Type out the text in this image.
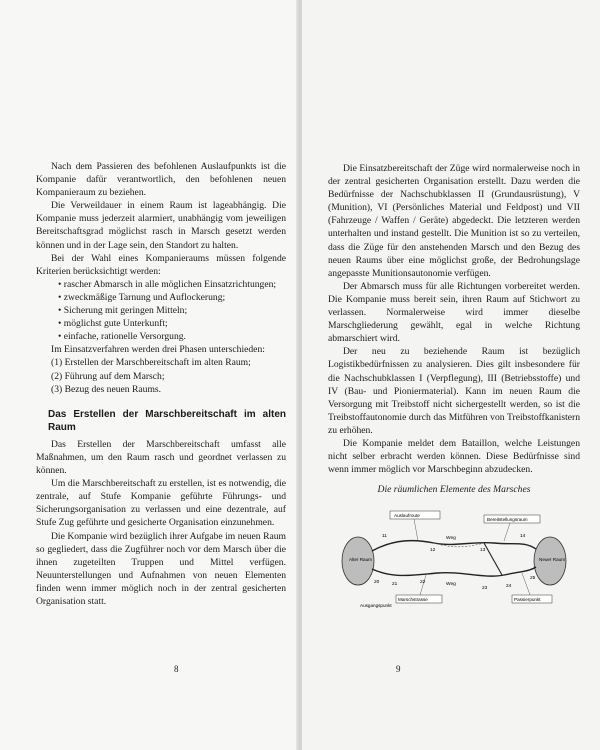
Nach dem Passieren des befohlenen Auslaufpunkts ist die Kompanie dafür verantwortlich, den befohlenen neuen Kompanieraum zu beziehen.

Die Verweildauer in einem Raum ist lageabhängig. Die Kompanie muss jederzeit alarmiert, unabhängig vom jeweiligen Bereitschaftsgrad möglichst rasch in Marsch gesetzt werden können und in der Lage sein, den Standort zu halten.

Bei der Wahl eines Kompanieraums müssen folgende Kriterien berücksichtigt werden:

• rascher Abmarsch in alle möglichen Einsatzrichtungen;

• zweckmäßige Tarnung und Auflockerung;

• Sicherung mit geringen Mitteln;

• möglichst gute Unterkunft;

• einfache, rationelle Versorgung.

Im Einsatzverfahren werden drei Phasen unterschieden:

(1) Erstellen der Marschbereitschaft im alten Raum;

(2) Führung auf dem Marsch;

(3) Bezug des neuen Raums.

Das Erstellen der Marschbereitschaft im alten Raum

Das Erstellen der Marschbereitschaft umfasst alle Maßnahmen, um den Raum rasch und geordnet verlassen zu können.

Um die Marschbereitschaft zu erstellen, ist es notwendig, die zentrale, auf Stufe Kompanie geführte Führungs- und Sicherungsorganisation zu verlassen und eine dezentrale, auf Stufe Zug geführte und gesicherte Organisation einzunehmen.

Die Kompanie wird bezüglich ihrer Aufgabe im neuen Raum so gegliedert, dass die Zugführer noch vor dem Marsch über die ihnen zugeteilten Truppen und Mittel verfügen. Neuunterstellungen und Aufnahmen von neuen Elementen finden wenn immer möglich noch in der zentral gesicherten Organisation statt.

8

Die Einsatzbereitschaft der Züge wird normalerweise noch in der zentral gesicherten Organisation erstellt. Dazu werden die Bedürfnisse der Nachschubklassen II (Grundausrüstung), V (Munition), VI (Persönliches Material und Feldpost) und VII (Fahrzeuge / Waffen / Geräte) abgedeckt. Die letzteren werden unterhalten und instand gestellt. Die Munition ist so zu verteilen, dass die Züge für den anstehenden Marsch und den Bezug des neuen Raums über eine möglichst große, der Bedrohungslage angepasste Munitionsautonomie verfügen.

Der Abmarsch muss für alle Richtungen vorbereitet werden. Die Kompanie muss bereit sein, ihren Raum auf Stichwort zu verlassen. Normalerweise wird immer dieselbe Marschgliederung gewählt, egal in welche Richtung abmarschiert wird.

Der neu zu beziehende Raum ist bezüglich Logistikbedürfnissen zu analysieren. Dies gilt insbesondere für die Nachschubklassen I (Verpflegung), III (Betriebsstoffe) und IV (Bau- und Pioniermaterial). Kann im neuen Raum die Versorgung mit Treibstoff nicht sichergestellt werden, so ist die Treibstoffautonomie durch das Mitführen von Treibstoffkanistern zu erhöhen.

Die Kompanie meldet dem Bataillon, welche Leistungen nicht selber erbracht werden können. Diese Bedürfnisse sind wenn immer möglich vor Marschbeginn abzudecken.

Die räumlichen Elemente des Marsches
Alter Raum	Neuer Raum
Auslaufroute
Bereitstellungsraum
Marschstrasse	Passierpunkt
Ausgangspunkt
Weg
Weg
11
12	13
14
20	21	22
23	24
25
9
